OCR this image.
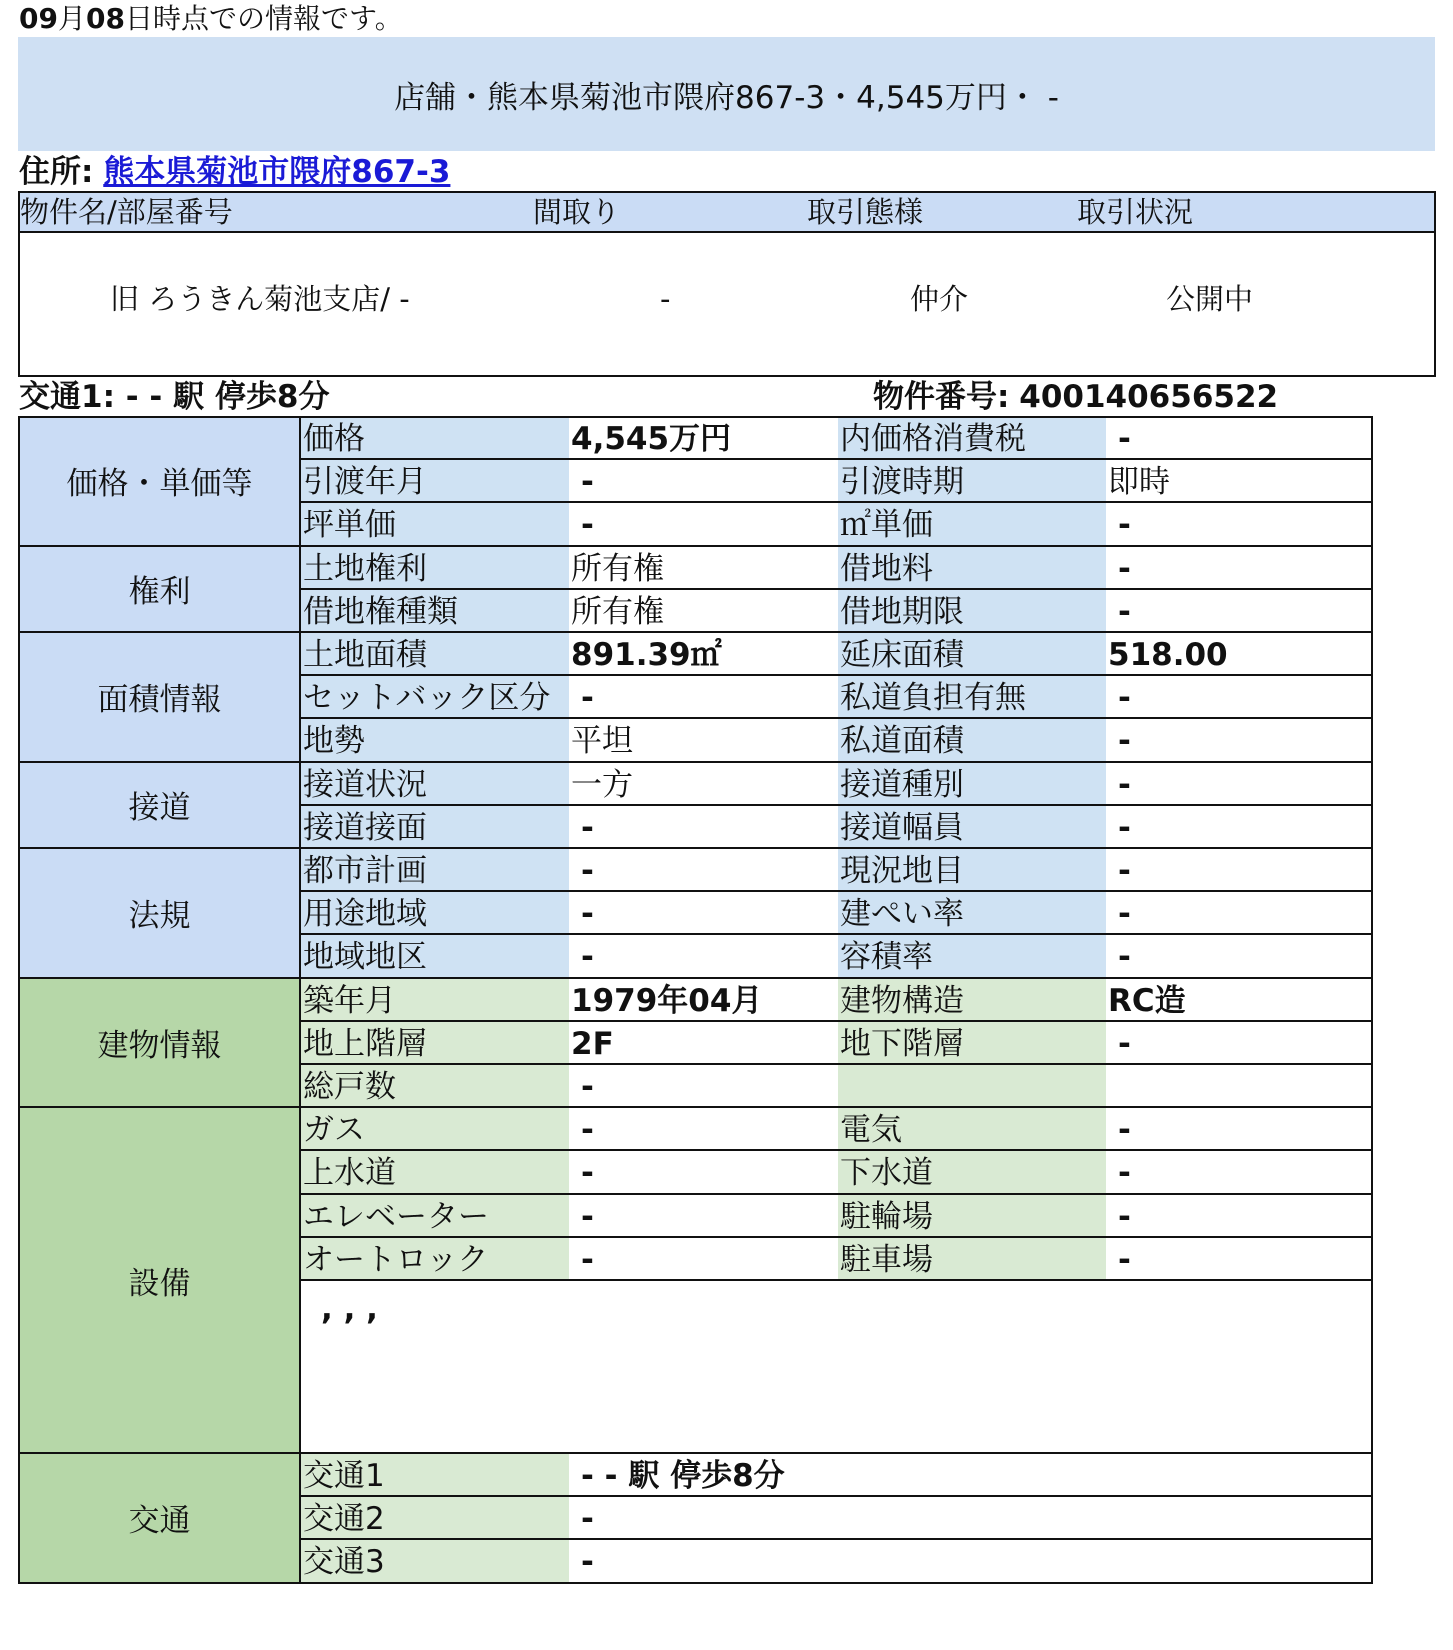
09月08日時点での情報です。
店舗・熊本県菊池市隈府867-3・4,545万円・ -
住所: 熊本県菊池市隈府867-3
物件名/部屋番号	間取り	取引態様	取引状況
旧 ろうきん菊池支店/ -	-	仲介	公開中
交通1: - - 駅 停歩8分	物件番号: 400140656522
価格・単価等
価格	4,545万円	内価格消費税	-
引渡年月	-	引渡時期	即時
坪単価	-	㎡単価	-
権利
土地権利	所有権	借地料	-
借地権種類	所有権	借地期限	-
面積情報
土地面積	891.39㎡	延床面積	518.00
セットバック区分 -	私道負担有無	-
地勢	平坦	私道面積	-
接道
接道状況	一方	接道種別	-
接道接面	-	接道幅員	-
法規
都市計画	-	現況地目	-
用途地域	-	建ぺい率	-
地域地区	-	容積率	-
建物情報
築年月	1979年04月	建物構造	RC造
地上階層	2F	地下階層	-
総戸数	-
設備
ガス	-	電気	-
上水道	-	下水道	-
エレベーター	-	駐輪場	-
オートロック	-	駐車場	-
, , ,
交通
交通1	- - 駅 停歩8分
交通2	-
交通3	-
